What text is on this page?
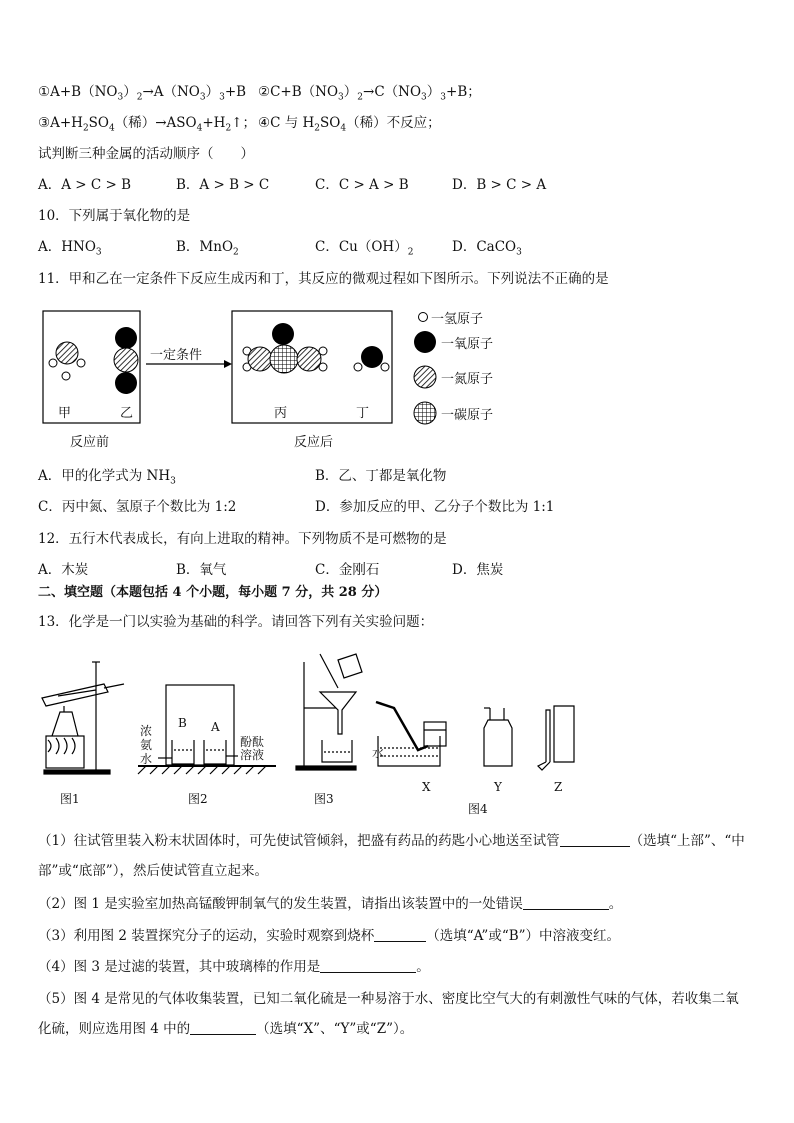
$①A+B(NO_3)_2\to A(NO_3)_3+B$ $②C+B(NO_3)_2\to C(NO_3)_3+B$；
$③A+H_2SO_4$（稀）$\to ASO_4+H_2↑$； ④C 与 $H_2SO_4$（稀）不反应；
试判断三种金属的活动顺序（　　）
A．A > C > B	B．A > B > C	C．C > A > B	D．B > C > A
10．下列属于氧化物的是
A．$HNO_3$	B．MnO$_2$	C．$Cu(OH)_2$	D．CaCO$_3$
11．甲和乙在一定条件下反应生成丙和丁，其反应的微观过程如下图所示。下列说法不正确的是
甲	乙
一定条件
丙	丁
反应前	反应后
一氢原子
一氧原子
一氮原子
一碳原子
A．甲的化学式为 $NH_3$	B．乙、丁都是氧化物
C．丙中氮、氢原子个数比为 1:2	D．参加反应的甲、乙分子个数比为 1:1
12．五行木代表成长，有向上进取的精神。下列物质不是可燃物的是
A．木炭	B．氧气	C．金刚石	D．焦炭
二、填空题（本题包括 4 个小题，每小题 7 分，共 28 分）
13．化学是一门以实验为基础的科学。请回答下列有关实验问题：
图1	图2	图3
图4
浓
氨
水
B A
酚酞
溶液	水
X	Y	Z
（1）往试管里装入粉末状固体时，可先使试管倾斜，把盛有药品的药匙小心地送至试管	（选填“上部”、“中
部”或“底部”），然后使试管直立起来。
（2）图 1 是实验室加热高锰酸钾制氧气的发生装置，请指出该装置中的一处错误	。
（3）利用图 2 装置探究分子的运动，实验时观察到烧杯	（选填“A”或“B”）中溶液变红。
（4）图 3 是过滤的装置，其中玻璃棒的作用是	。
（5）图 4 是常见的气体收集装置，已知二氧化硫是一种易溶于水、密度比空气大的有刺激性气味的气体，若收集二氧
化硫，则应选用图 4 中的	（选填“X”、“Y”或“Z”）。
